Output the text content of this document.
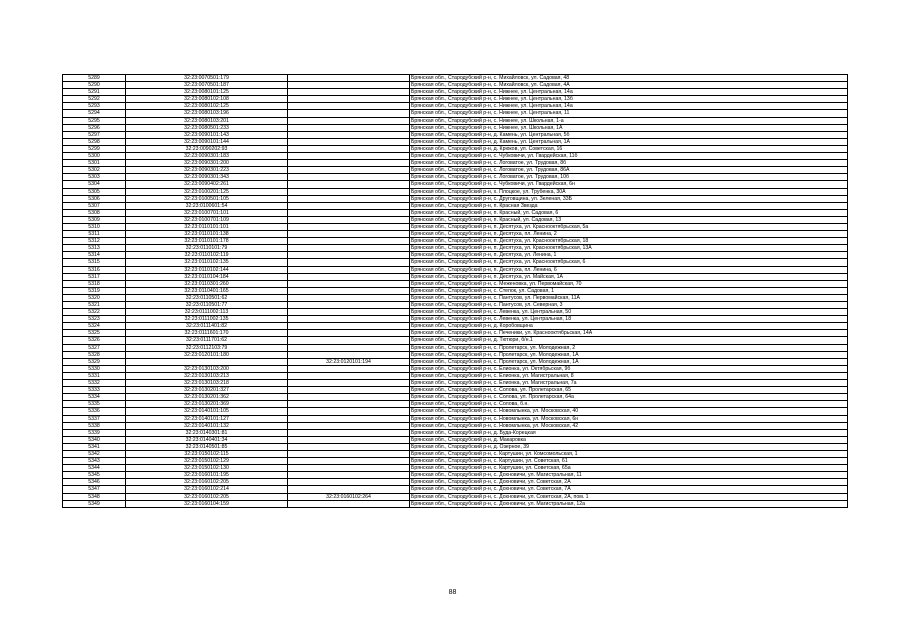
5289	32:23:0070501:179		Брянская обл., Стародубский р-н, с. Михайловск, ул. Садовая, 48
5290	32:23:0070501:187		Брянская обл., Стародубский р-н, с. Михайловск, ул. Садовая, 4А
5291	32:23:0080101:125		Брянская обл., Стародубский р-н, с. Нижнее, ул. Центральная, 14а
5292	32:23:0080102:108		Брянская обл., Стародубский р-н, с. Нижнее, ул. Центральная, 13б
5293	32:23:0080102:125		Брянская обл., Стародубский р-н, с. Нижнее, ул. Центральная, 14а
5294	32:23:0080103:196		Брянская обл., Стародубский р-н, с. Нижнее, ул. Центральная, 11
5295	32:23:0080103:201		Брянская обл., Стародубский р-н, с. Нижнее, ул. Школьная, 1-а
5296	32:23:0080501:233		Брянская обл., Стародубский р-н, с. Нижнее, ул. Школьная, 1А
5297	32:23:0090101:143		Брянская обл., Стародубский р-н, д. Камень, ул. Центральная, 5б
5298	32:23:0090101:144		Брянская обл., Стародубский р-н, д. Камень, ул. Центральная, 1А
5299	32:23:0090202:93		Брянская обл., Стародубский р-н, д. Крюков, ул. Советская, 16
5300	32:23:0090301:183		Брянская обл., Стародубский р-н, с. Чубковичи, ул. Гвардейская, 11б
5301	32:23:0090301:200		Брянская обл., Стародубский р-н, с. Логоватое, ул. Трудовая, 8б
5302	32:23:0090301:223		Брянская обл., Стародубский р-н, с. Логоватое, ул. Трудовая, 86А
5303	32:23:0090301:343		Брянская обл., Стародубский р-н, с. Логоватое, ул. Трудовая, 10б
5304	32:23:0090402:261		Брянская обл., Стародубский р-н, с. Чубковичи, ул. Гвардейская, 6н
5305	32:23:0100201:125		Брянская обл., Стародубский р-н, х. Плоцкое, ул. Трубенка, 30А
5306	32:23:0100501:105		Брянская обл., Стародубский р-н, с. Друговщина, ул. Зеленая, 33Б
5307	32:23:0100601:54		Брянская обл., Стародубский р-н, п. Красная Звезда
5308	32:23:0100701:101		Брянская обл., Стародубский р-н, п. Красный, ул. Садовая, 6
5309	32:23:0100701:109		Брянская обл., Стародубский р-н, п. Красный, ул. Садовая, 13
5310	32:23:0110101:101		Брянская обл., Стародубский р-н, п. Десятуха, ул. Краснооктябрьская, 5а
5311	32:23:0110101:138		Брянская обл., Стародубский р-н, п. Десятуха, пл. Ленина, 2
5312	32:23:0110101:178		Брянская обл., Стародубский р-н, п. Десятуха, ул. Краснооктябрьская, 18
5313	32:23:0110101:79		Брянская обл., Стародубский р-н, п. Десятуха, ул. Краснооктябрьская, 13А
5314	32:23:0110102:119		Брянская обл., Стародубский р-н, п. Десятуха, ул. Ленина, 1
5315	32:23:0110102:135		Брянская обл., Стародубский р-н, п. Десятуха, ул. Краснооктябрьская, 6
5316	32:23:0110102:144		Брянская обл., Стародубский р-н, п. Десятуха, пл. Ленина, 6
5317	32:23:0110104:184		Брянская обл., Стародубский р-н, п. Десятуха, ул. Майская, 1А
5318	32:23:0110301:260		Брянская обл., Стародубский р-н, с. Меженовка, ул. Первомайская, 70
5319	32:23:0110401:165		Брянская обл., Стародубский р-н, с. Степок, ул. Садовая, 1
5320	32:23:0110501:62		Брянская обл., Стародубский р-н, с. Пантусов, ул. Первомайская, 11А
5321	32:23:0110501:77		Брянская обл., Стародубский р-н, с. Пантусов, ул. Северная, 3
5322	32:23:0111002:113		Брянская обл., Стародубский р-н, с. Левенка, ул. Центральная, 50
5323	32:23:0111002:135		Брянская обл., Стародубский р-н, с. Левенка, ул. Центральная, 18
5324	32:23:0111401:82		Брянская обл., Стародубский р-н, д. Коробовщина
5325	32:23:0111601:170		Брянская обл., Стародубский р-н, с. Печеники, ул. Краснооктябрьская, 14А
5326	32:23:0111701:62		Брянская обл., Стародубский р-н, д. Тютюри, б/н.1
5327	32:23:0112103:79		Брянская обл., Стародубский р-н, с. Пролетарск, ул. Молодежная, 2
5328	32:23:0120101:180		Брянская обл., Стародубский р-н, с. Пролетарск, ул. Молодежная, 1А
5329		32:23:0120101:194	Брянская обл., Стародубский р-н, с. Пролетарск, ул. Молодежная, 1А
5330	32:23:0130103:200		Брянская обл., Стародубский р-н, с. Елионка, ул. Октябрьская, 9б
5331	32:23:0130103:213		Брянская обл., Стародубский р-н, с. Елионка, ул. Магистральная, 8
5332	32:23:0130103:218		Брянская обл., Стародубский р-н, с. Елионка, ул. Магистральная, 7а
5333	32:23:0130201:327		Брянская обл., Стародубский р-н, с. Солова, ул. Пролетарская, 65
5334	32:23:0130201:362		Брянская обл., Стародубский р-н, с. Солова, ул. Пролетарская, 64а
5335	32:23:0130201:369		Брянская обл., Стародубский р-н, с. Солова, б.н.
5336	32:23:0140101:105		Брянская обл., Стародубский р-н, с. Новомлынка, ул. Московская, 40
5337	32:23:0140101:127		Брянская обл., Стародубский р-н, с. Новомлынка, ул. Московская, 6н
5338	32:23:0140101:132		Брянская обл., Стародубский р-н, с. Новомлынка, ул. Московская, 42
5339	32:23:0140301:81		Брянская обл., Стародубский р-н, д. Буда-Корецкая
5340	32:23:0140401:34		Брянская обл., Стародубский р-н, д. Макаровка
5341	32:23:0140501:85		Брянская обл., Стародубский р-н, д. Озерное, 39
5342	32:23:0150102:115		Брянская обл., Стародубский р-н, с. Картушин, ул. Комсомольская, 1
5343	32:23:0150102:129		Брянская обл., Стародубский р-н, с. Картушин, ул. Советская, 61
5344	32:23:0150102:130		Брянская обл., Стародубский р-н, с. Картушин, ул. Советская, 65а
5345	32:23:0160101:195		Брянская обл., Стародубский р-н, с. Дохновичи, ул. Магистральная, 11
5346	32:23:0160102:205		Брянская обл., Стародубский р-н, с. Дохновичи, ул. Советская, 2А
5347	32:23:0160102:214		Брянская обл., Стародубский р-н, с. Дохновичи, ул. Советская, 7А
5348	32:23:0160102:205	32:23:0160102:264	Брянская обл., Стародубский р-н, с. Дохновичи, ул. Советская, 2А, пом. 1
5349	32:23:0160104:159		Брянская обл., Стародубский р-н, с. Дохновичи, ул. Магистральная, 12а
88
